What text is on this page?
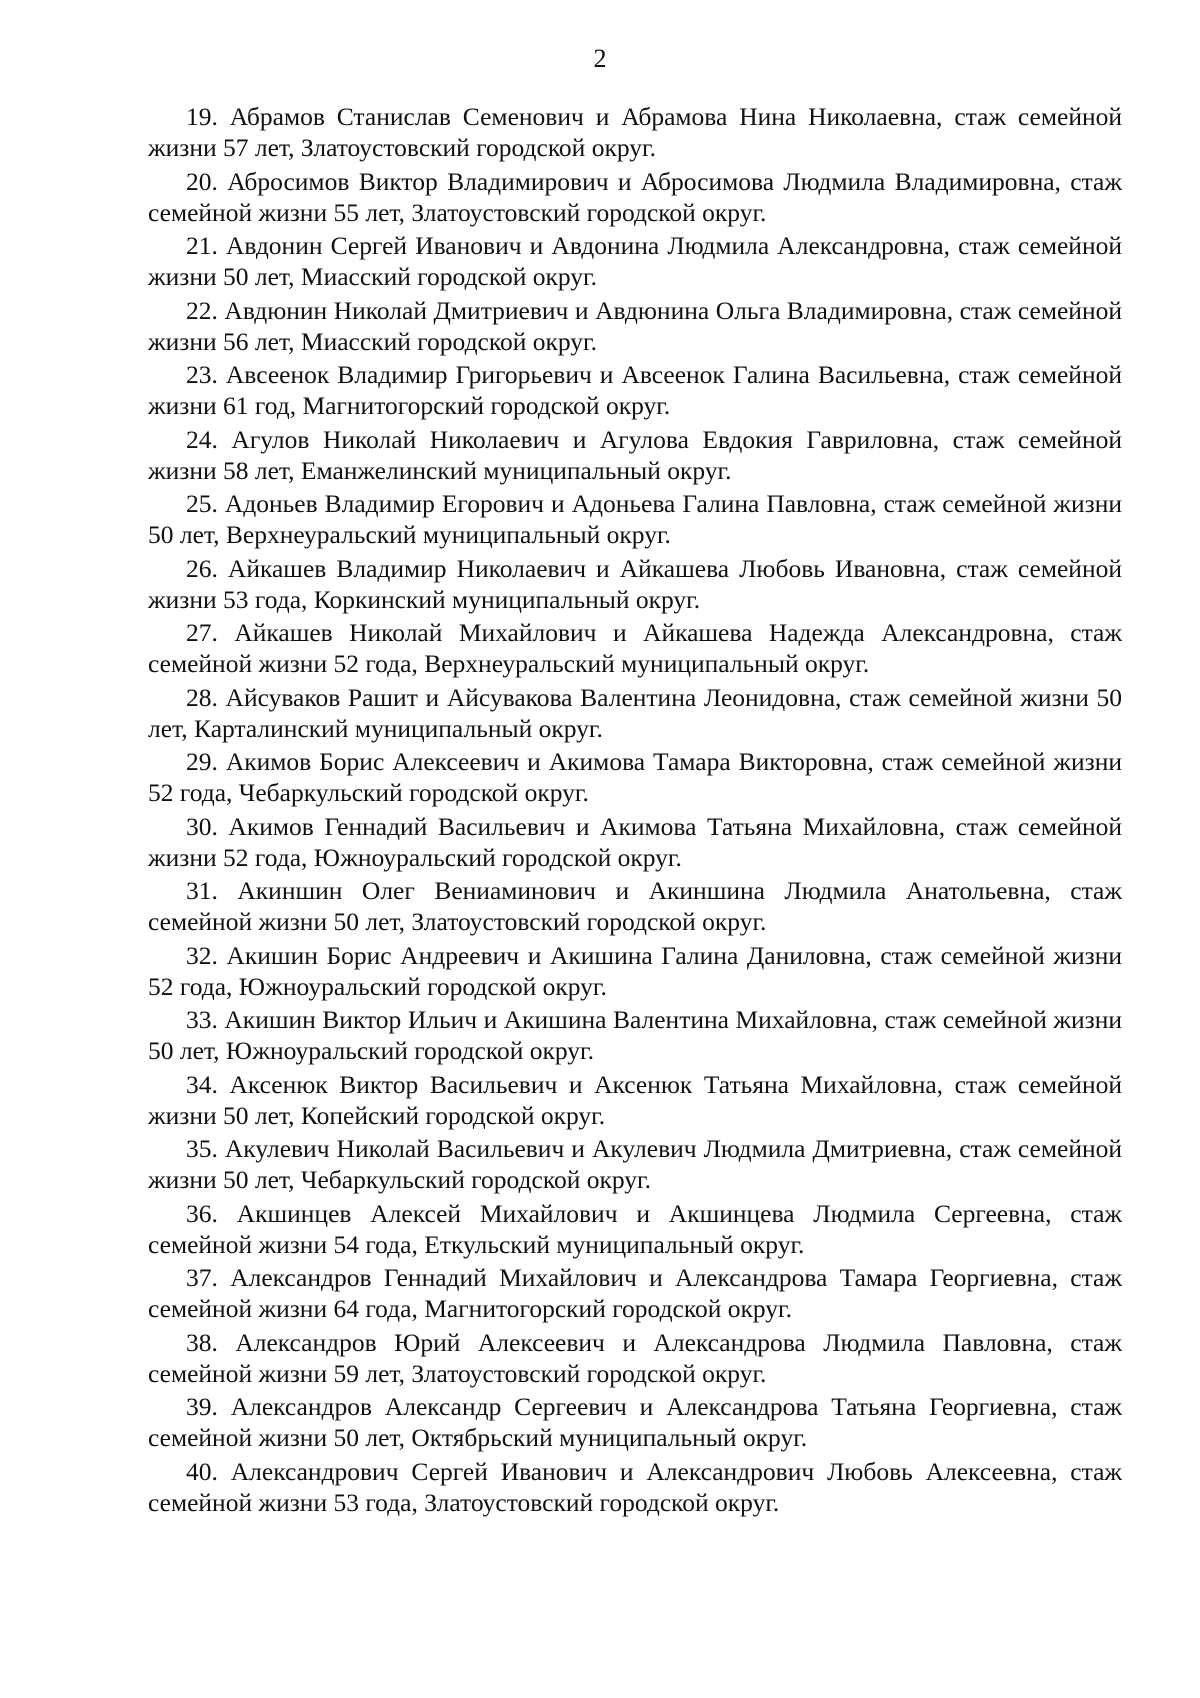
2
19. Абрамов Станислав Семенович и Абрамова Нина Николаевна, стаж семейной жизни 57 лет, Златоустовский городской округ.
20. Абросимов Виктор Владимирович и Абросимова Людмила Владимировна, стаж семейной жизни 55 лет, Златоустовский городской округ.
21. Авдонин Сергей Иванович и Авдонина Людмила Александровна, стаж семейной жизни 50 лет, Миасский городской округ.
22. Авдюнин Николай Дмитриевич и Авдюнина Ольга Владимировна, стаж семейной жизни 56 лет, Миасский городской округ.
23. Авсеенок Владимир Григорьевич и Авсеенок Галина Васильевна, стаж семейной жизни 61 год, Магнитогорский городской округ.
24. Агулов Николай Николаевич и Агулова Евдокия Гавриловна, стаж семейной жизни 58 лет, Еманжелинский муниципальный округ.
25. Адоньев Владимир Егорович и Адоньева Галина Павловна, стаж семейной жизни 50 лет, Верхнеуральский муниципальный округ.
26. Айкашев Владимир Николаевич и Айкашева Любовь Ивановна, стаж семейной жизни 53 года, Коркинский муниципальный округ.
27. Айкашев Николай Михайлович и Айкашева Надежда Александровна, стаж семейной жизни 52 года, Верхнеуральский муниципальный округ.
28. Айсуваков Рашит и Айсувакова Валентина Леонидовна, стаж семейной жизни 50 лет, Карталинский муниципальный округ.
29. Акимов Борис Алексеевич и Акимова Тамара Викторовна, стаж семейной жизни 52 года, Чебаркульский городской округ.
30. Акимов Геннадий Васильевич и Акимова Татьяна Михайловна, стаж семейной жизни 52 года, Южноуральский городской округ.
31. Акиншин Олег Вениаминович и Акиншина Людмила Анатольевна, стаж семейной жизни 50 лет, Златоустовский городской округ.
32. Акишин Борис Андреевич и Акишина Галина Даниловна, стаж семейной жизни 52 года, Южноуральский городской округ.
33. Акишин Виктор Ильич и Акишина Валентина Михайловна, стаж семейной жизни 50 лет, Южноуральский городской округ.
34. Аксенюк Виктор Васильевич и Аксенюк Татьяна Михайловна, стаж семейной жизни 50 лет, Копейский городской округ.
35. Акулевич Николай Васильевич и Акулевич Людмила Дмитриевна, стаж семейной жизни 50 лет, Чебаркульский городской округ.
36. Акшинцев Алексей Михайлович и Акшинцева Людмила Сергеевна, стаж семейной жизни 54 года, Еткульский муниципальный округ.
37. Александров Геннадий Михайлович и Александрова Тамара Георгиевна, стаж семейной жизни 64 года, Магнитогорский городской округ.
38. Александров Юрий Алексеевич и Александрова Людмила Павловна, стаж семейной жизни 59 лет, Златоустовский городской округ.
39. Александров Александр Сергеевич и Александрова Татьяна Георгиевна, стаж семейной жизни 50 лет, Октябрьский муниципальный округ.
40. Александрович Сергей Иванович и Александрович Любовь Алексеевна, стаж семейной жизни 53 года, Златоустовский городской округ.
